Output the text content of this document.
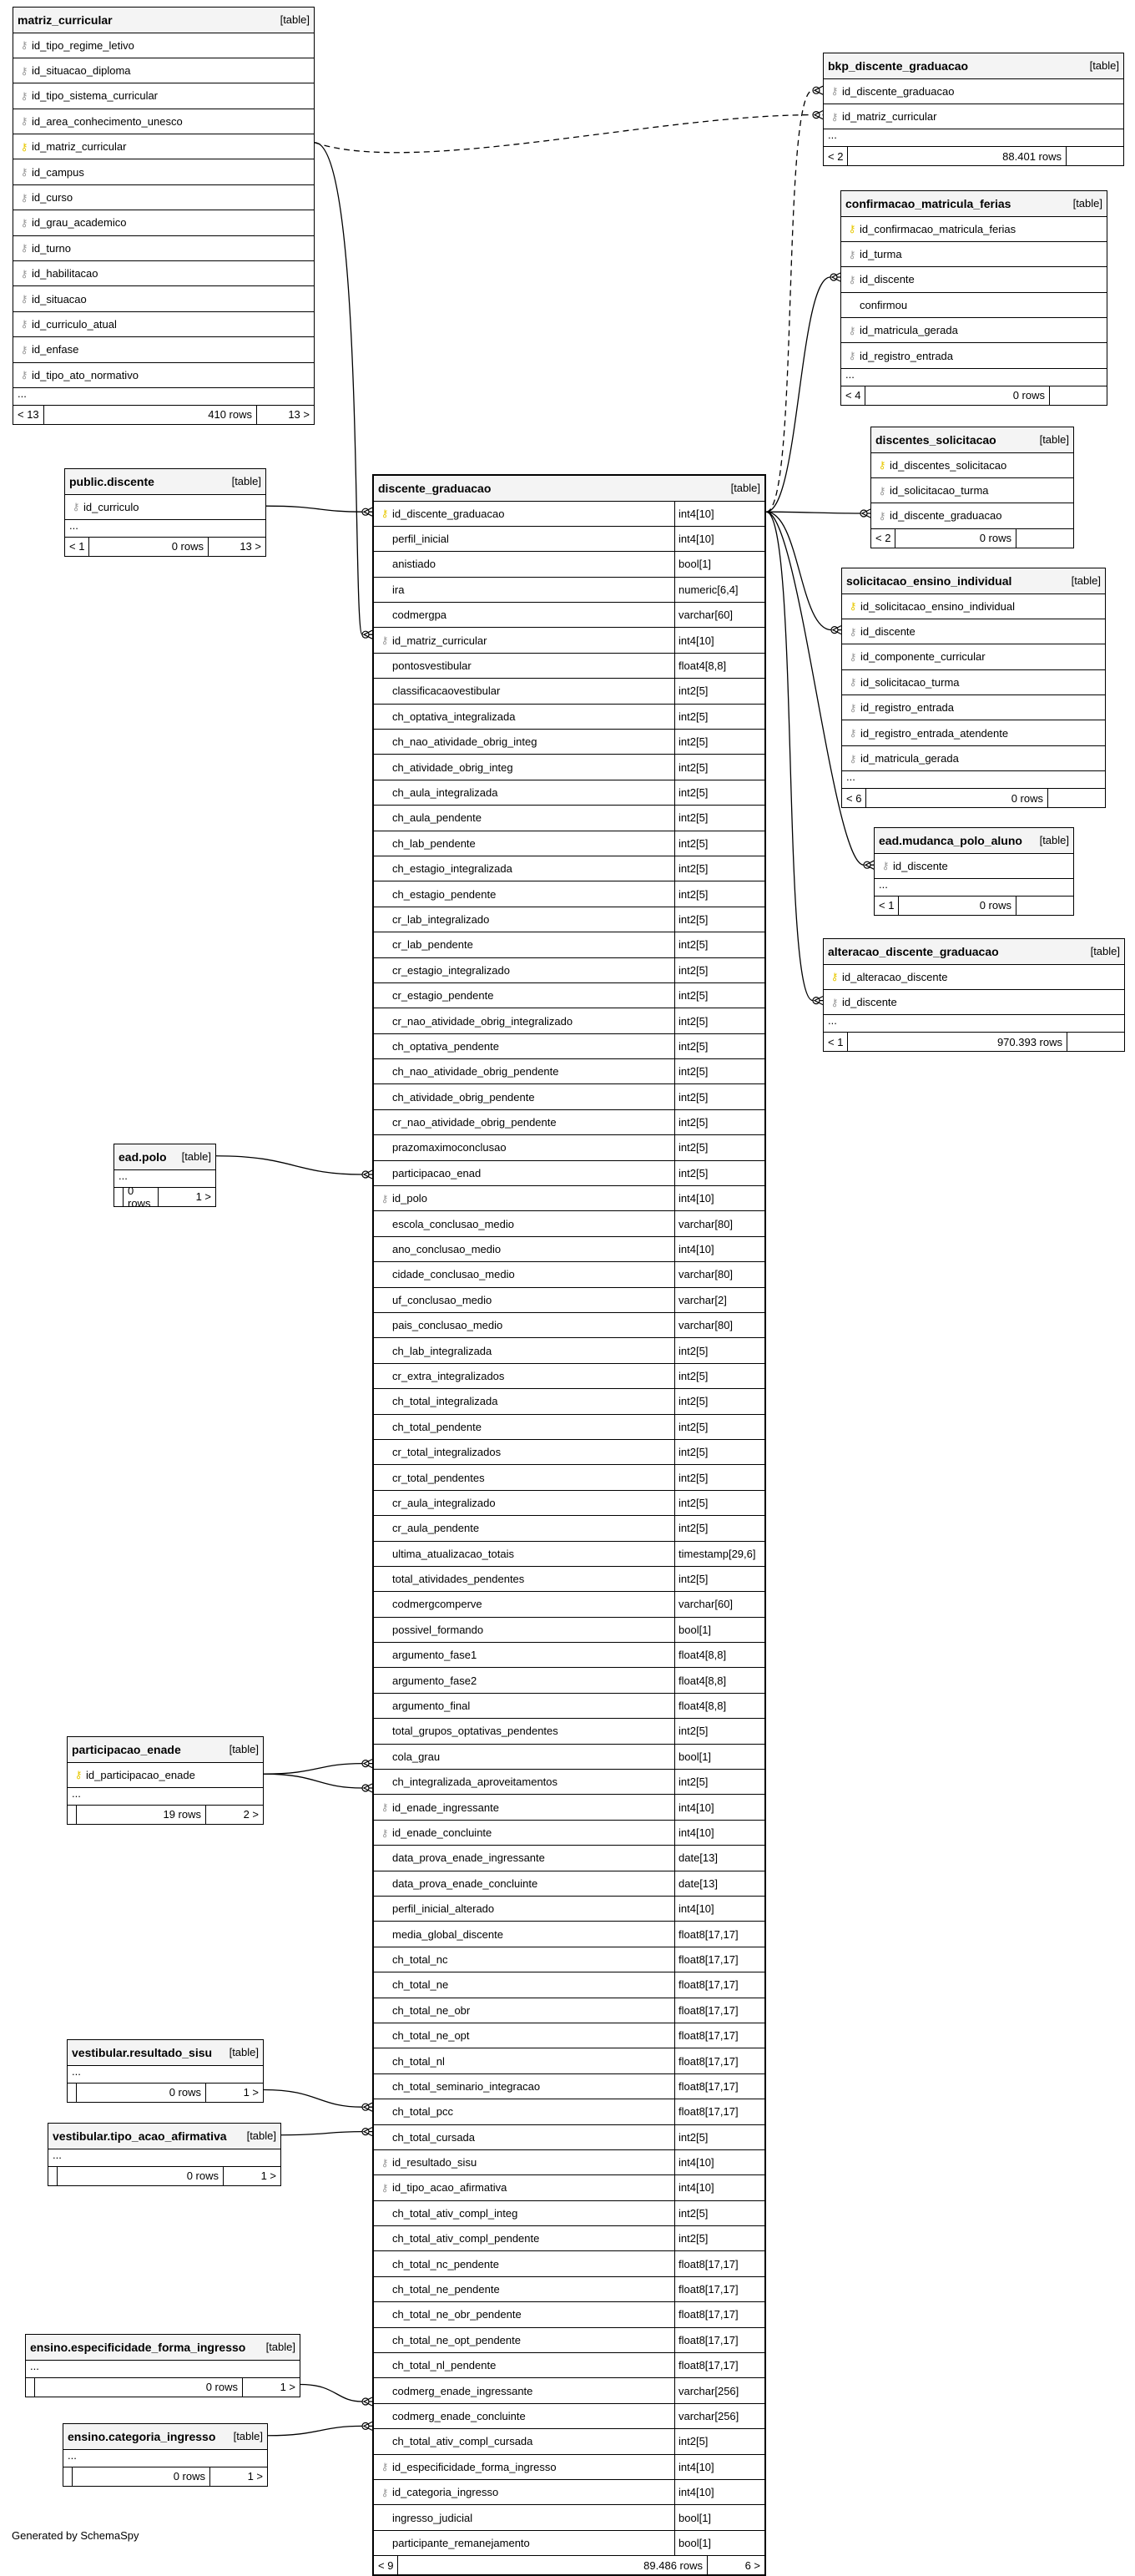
matriz_curricular	[table]
⚷ id_tipo_regime_letivo
⚷ id_situacao_diploma
⚷ id_tipo_sistema_curricular
⚷ id_area_conhecimento_unesco
⚷ id_matriz_curricular
⚷ id_campus
⚷ id_curso
⚷ id_grau_academico
⚷ id_turno
⚷ id_habilitacao
⚷ id_situacao
⚷ id_curriculo_atual
⚷ id_enfase
⚷ id_tipo_ato_normativo
...
< 13	410 rows	13 >
public.discente	[table]
⚷ id_curriculo
...
< 1	0 rows	13 >
ead.polo [table]
...
0 rows	1 >
participacao_enade	[table]
⚷ id_participacao_enade
...
19 rows	2 >
vestibular.resultado_sisu [table]
...
0 rows	1 >
vestibular.tipo_acao_afirmativa [table]
...
0 rows	1 >
ensino.especificidade_forma_ingresso [table]
...
0 rows	1 >
ensino.categoria_ingresso [table]
...
0 rows	1 >
bkp_discente_graduacao	[table]
⚷ id_discente_graduacao
⚷ id_matriz_curricular
...
< 2	88.401 rows
confirmacao_matricula_ferias	[table]
⚷ id_confirmacao_matricula_ferias
⚷ id_turma
⚷ id_discente
confirmou
⚷ id_matricula_gerada
⚷ id_registro_entrada
...
< 4	0 rows
discentes_solicitacao	[table]
⚷ id_discentes_solicitacao
⚷ id_solicitacao_turma
⚷ id_discente_graduacao
< 2	0 rows
solicitacao_ensino_individual	[table]
⚷ id_solicitacao_ensino_individual
⚷ id_discente
⚷ id_componente_curricular
⚷ id_solicitacao_turma
⚷ id_registro_entrada
⚷ id_registro_entrada_atendente
⚷ id_matricula_gerada
...
< 6	0 rows
ead.mudanca_polo_aluno [table]
⚷ id_discente
...
< 1	0 rows
alteracao_discente_graduacao	[table]
⚷ id_alteracao_discente
⚷ id_discente
...
< 1	970.393 rows
discente_graduacao	[table]
⚷ id_discente_graduacao	int4[10]
perfil_inicial	int4[10]
anistiado	bool[1]
ira	numeric[6,4]
codmergpa	varchar[60]
⚷ id_matriz_curricular	int4[10]
pontosvestibular	float4[8,8]
classificacaovestibular	int2[5]
ch_optativa_integralizada	int2[5]
ch_nao_atividade_obrig_integ	int2[5]
ch_atividade_obrig_integ	int2[5]
ch_aula_integralizada	int2[5]
ch_aula_pendente	int2[5]
ch_lab_pendente	int2[5]
ch_estagio_integralizada	int2[5]
ch_estagio_pendente	int2[5]
cr_lab_integralizado	int2[5]
cr_lab_pendente	int2[5]
cr_estagio_integralizado	int2[5]
cr_estagio_pendente	int2[5]
cr_nao_atividade_obrig_integralizado	int2[5]
ch_optativa_pendente	int2[5]
ch_nao_atividade_obrig_pendente	int2[5]
ch_atividade_obrig_pendente	int2[5]
cr_nao_atividade_obrig_pendente	int2[5]
prazomaximoconclusao	int2[5]
participacao_enad	int2[5]
⚷ id_polo	int4[10]
escola_conclusao_medio	varchar[80]
ano_conclusao_medio	int4[10]
cidade_conclusao_medio	varchar[80]
uf_conclusao_medio	varchar[2]
pais_conclusao_medio	varchar[80]
ch_lab_integralizada	int2[5]
cr_extra_integralizados	int2[5]
ch_total_integralizada	int2[5]
ch_total_pendente	int2[5]
cr_total_integralizados	int2[5]
cr_total_pendentes	int2[5]
cr_aula_integralizado	int2[5]
cr_aula_pendente	int2[5]
ultima_atualizacao_totais	timestamp[29,6]
total_atividades_pendentes	int2[5]
codmergcomperve	varchar[60]
possivel_formando	bool[1]
argumento_fase1	float4[8,8]
argumento_fase2	float4[8,8]
argumento_final	float4[8,8]
total_grupos_optativas_pendentes	int2[5]
cola_grau	bool[1]
ch_integralizada_aproveitamentos	int2[5]
⚷ id_enade_ingressante	int4[10]
⚷ id_enade_concluinte	int4[10]
data_prova_enade_ingressante	date[13]
data_prova_enade_concluinte	date[13]
perfil_inicial_alterado	int4[10]
media_global_discente	float8[17,17]
ch_total_nc	float8[17,17]
ch_total_ne	float8[17,17]
ch_total_ne_obr	float8[17,17]
ch_total_ne_opt	float8[17,17]
ch_total_nl	float8[17,17]
ch_total_seminario_integracao	float8[17,17]
ch_total_pcc	float8[17,17]
ch_total_cursada	int2[5]
⚷ id_resultado_sisu	int4[10]
⚷ id_tipo_acao_afirmativa	int4[10]
ch_total_ativ_compl_integ	int2[5]
ch_total_ativ_compl_pendente	int2[5]
ch_total_nc_pendente	float8[17,17]
ch_total_ne_pendente	float8[17,17]
ch_total_ne_obr_pendente	float8[17,17]
ch_total_ne_opt_pendente	float8[17,17]
ch_total_nl_pendente	float8[17,17]
codmerg_enade_ingressante	varchar[256]
codmerg_enade_concluinte	varchar[256]
ch_total_ativ_compl_cursada	int2[5]
⚷ id_especificidade_forma_ingresso	int4[10]
⚷ id_categoria_ingresso	int4[10]
ingresso_judicial	bool[1]
participante_remanejamento	bool[1]
< 9	89.486 rows	6 >
Generated by SchemaSpy
